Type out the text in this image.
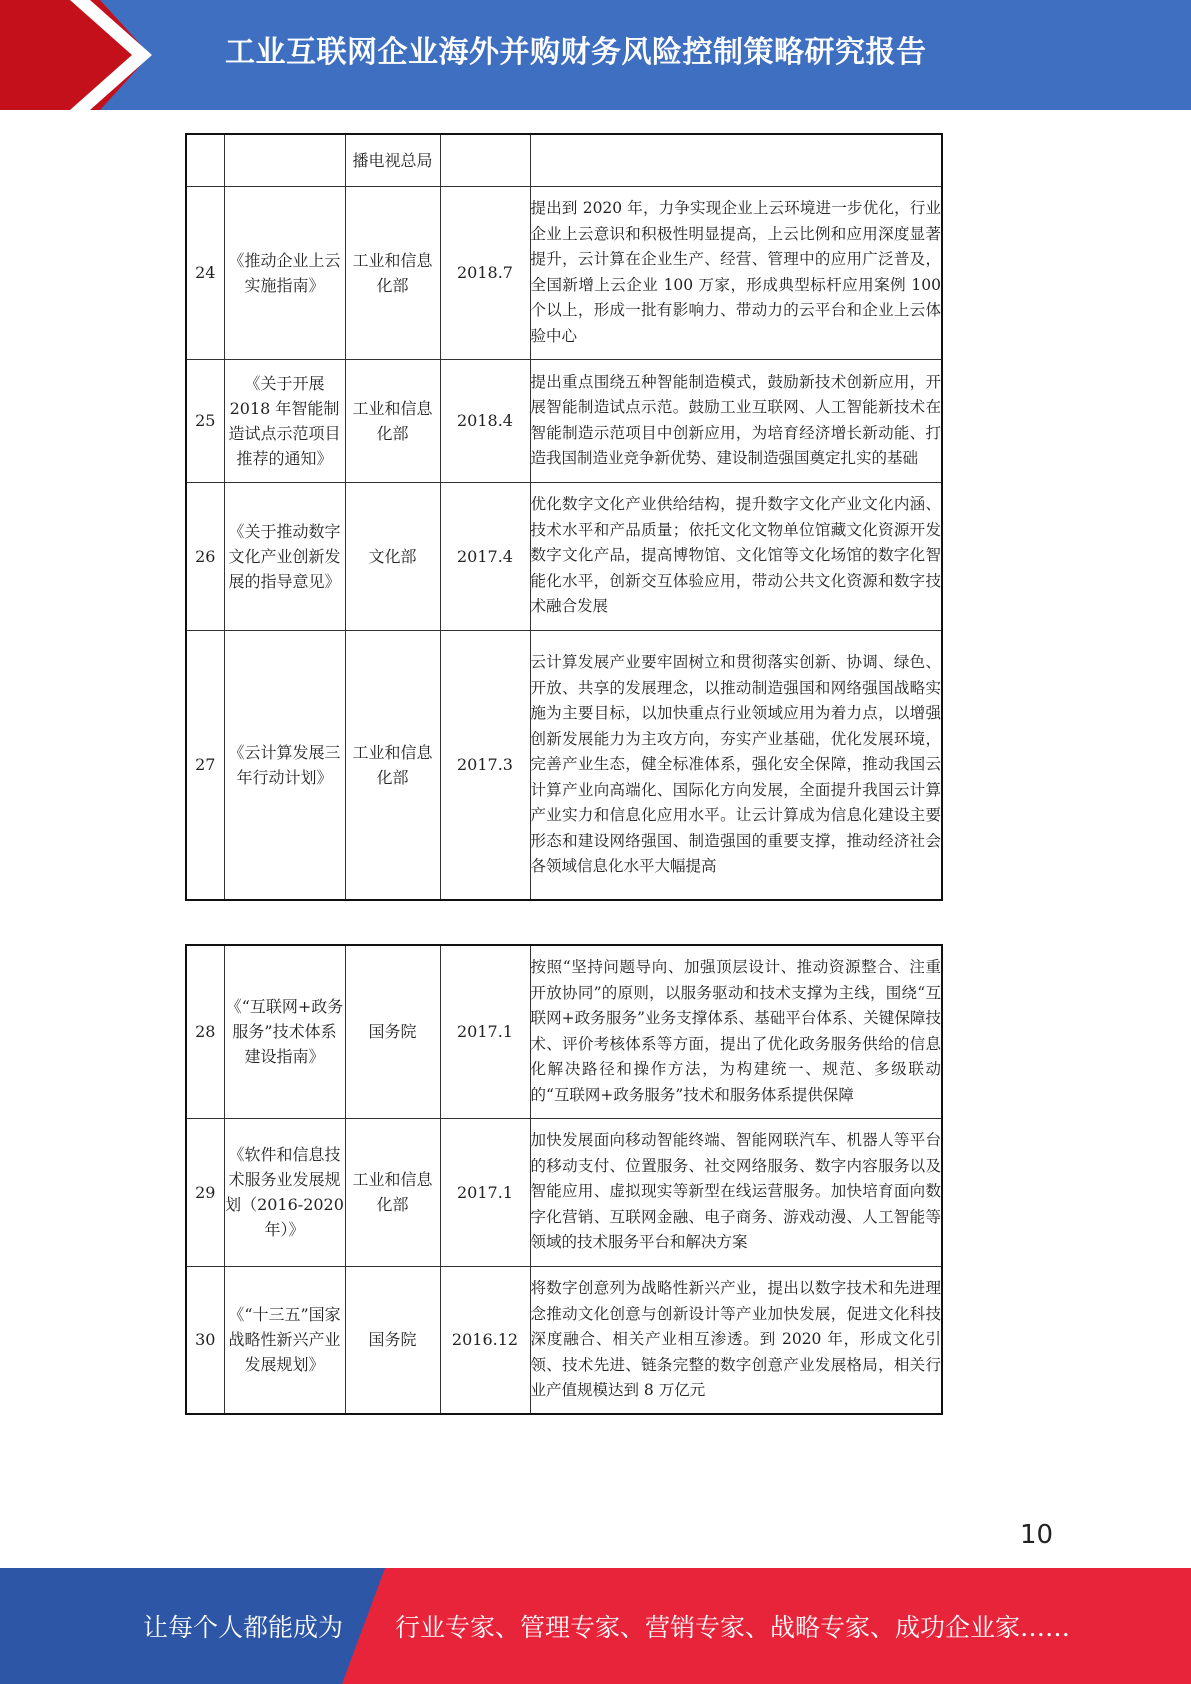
工业互联网企业海外并购财务风险控制策略研究报告
		播电视总局		
24	《推动企业上云实施指南》	工业和信息化部	2018.7	提出到 2020 年，力争实现企业上云环境进一步优化，行业企业上云意识和积极性明显提高，上云比例和应用深度显著提升，云计算在企业生产、经营、管理中的应用广泛普及，全国新增上云企业 100 万家，形成典型标杆应用案例 100 个以上，形成一批有影响力、带动力的云平台和企业上云体验中心
25	《关于开展2018 年智能制造试点示范项目推荐的通知》	工业和信息化部	2018.4	提出重点围绕五种智能制造模式，鼓励新技术创新应用，开展智能制造试点示范。鼓励工业互联网、人工智能新技术在智能制造示范项目中创新应用，为培育经济增长新动能、打造我国制造业竞争新优势、建设制造强国奠定扎实的基础
26	《关于推动数字文化产业创新发展的指导意见》	文化部	2017.4	优化数字文化产业供给结构，提升数字文化产业文化内涵、技术水平和产品质量；依托文化文物单位馆藏文化资源开发数字文化产品，提高博物馆、文化馆等文化场馆的数字化智能化水平，创新交互体验应用，带动公共文化资源和数字技术融合发展
27	《云计算发展三年行动计划》	工业和信息化部	2017.3	云计算发展产业要牢固树立和贯彻落实创新、协调、绿色、开放、共享的发展理念，以推动制造强国和网络强国战略实施为主要目标，以加快重点行业领域应用为着力点，以增强创新发展能力为主攻方向，夯实产业基础，优化发展环境，完善产业生态，健全标准体系，强化安全保障，推动我国云计算产业向高端化、国际化方向发展，全面提升我国云计算产业实力和信息化应用水平。让云计算成为信息化建设主要形态和建设网络强国、制造强国的重要支撑，推动经济社会各领域信息化水平大幅提高
28	《“互联网+政务服务”技术体系建设指南》	国务院	2017.1	按照“坚持问题导向、加强顶层设计、推动资源整合、注重开放协同”的原则，以服务驱动和技术支撑为主线，围绕“互联网+政务服务”业务支撑体系、基础平台体系、关键保障技术、评价考核体系等方面，提出了优化政务服务供给的信息化解决路径和操作方法，为构建统一、规范、多级联动的“互联网+政务服务”技术和服务体系提供保障
29	《软件和信息技术服务业发展规划（2016-2020年）》	工业和信息化部	2017.1	加快发展面向移动智能终端、智能网联汽车、机器人等平台的移动支付、位置服务、社交网络服务、数字内容服务以及智能应用、虚拟现实等新型在线运营服务。加快培育面向数字化营销、互联网金融、电子商务、游戏动漫、人工智能等领域的技术服务平台和解决方案
30	《“十三五”国家战略性新兴产业发展规划》	国务院	2016.12	将数字创意列为战略性新兴产业，提出以数字技术和先进理念推动文化创意与创新设计等产业加快发展，促进文化科技深度融合、相关产业相互渗透。到 2020 年，形成文化引领、技术先进、链条完整的数字创意产业发展格局，相关行业产值规模达到 8 万亿元
10
让每个人都能成为 行业专家、管理专家、营销专家、战略专家、成功企业家……
